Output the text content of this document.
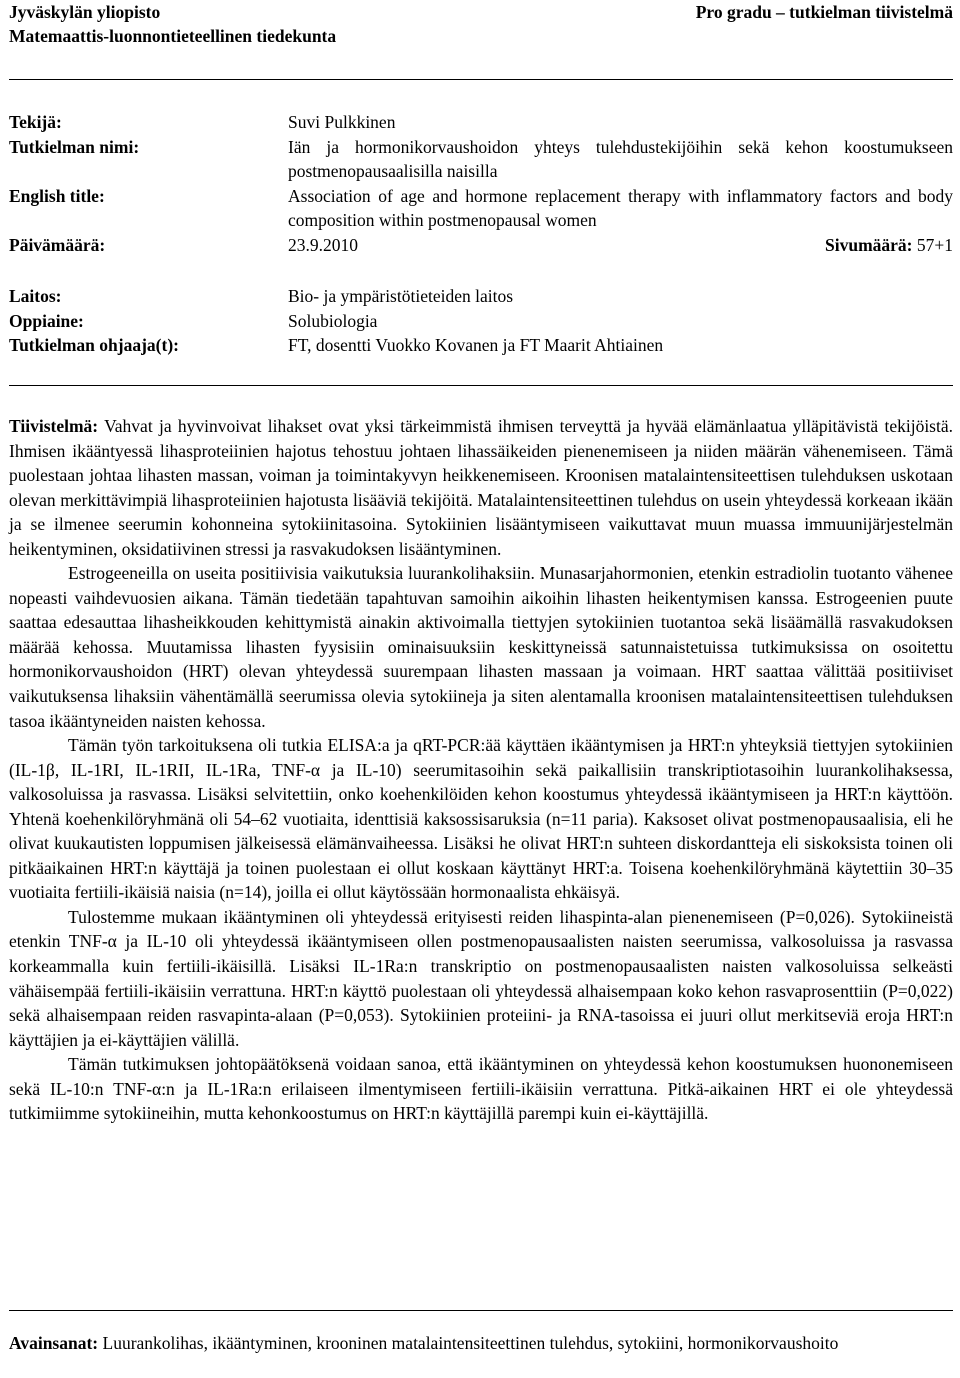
Jyväskylän yliopisto
Matemaattis-luonnontieteellinen tiedekunta
Pro gradu – tutkielman tiivistelmä
Tekijä:	Suvi Pulkkinen
Tutkielman nimi:	Iän ja hormonikorvaushoidon yhteys tulehdustekijöihin sekä kehon koostumukseen postmenopausaalisilla naisilla
English title:	Association of age and hormone replacement therapy with inflammatory factors and body composition within postmenopausal women
Päivämäärä:	23.9.2010	Sivumäärä: 57+1
Laitos:	Bio- ja ympäristötieteiden laitos
Oppiaine:	Solubiologia
Tutkielman ohjaaja(t):	FT, dosentti Vuokko Kovanen ja FT Maarit Ahtiainen

Tiivistelmä: Vahvat ja hyvinvoivat lihakset ovat yksi tärkeimmistä ihmisen terveyttä ja hyvää elämänlaatua ylläpitävistä tekijöistä. Ihmisen ikääntyessä lihasproteiinien hajotus tehostuu johtaen lihassäikeiden pienenemiseen ja niiden määrän vähenemiseen. Tämä puolestaan johtaa lihasten massan, voiman ja toimintakyvyn heikkenemiseen. Kroonisen matalaintensiteettisen tulehduksen uskotaan olevan merkittävimpiä lihasproteiinien hajotusta lisääviä tekijöitä. Matalaintensiteettinen tulehdus on usein yhteydessä korkeaan ikään ja se ilmenee seerumin kohonneina sytokiinitasoina. Sytokiinien lisääntymiseen vaikuttavat muun muassa immuunijärjestelmän heikentyminen, oksidatiivinen stressi ja rasvakudoksen lisääntyminen.

Estrogeeneilla on useita positiivisia vaikutuksia luurankolihaksiin. Munasarjahormonien, etenkin estradiolin tuotanto vähenee nopeasti vaihdevuosien aikana. Tämän tiedetään tapahtuvan samoihin aikoihin lihasten heikentymisen kanssa. Estrogeenien puute saattaa edesauttaa lihasheikkouden kehittymistä ainakin aktivoimalla tiettyjen sytokiinien tuotantoa sekä lisäämällä rasvakudoksen määrää kehossa. Muutamissa lihasten fyysisiin ominaisuuksiin keskittyneissä satunnaistetuissa tutkimuksissa on osoitettu hormonikorvaushoidon (HRT) olevan yhteydessä suurempaan lihasten massaan ja voimaan. HRT saattaa välittää positiiviset vaikutuksensa lihaksiin vähentämällä seerumissa olevia sytokiineja ja siten alentamalla kroonisen matalaintensiteettisen tulehduksen tasoa ikääntyneiden naisten kehossa.

Tämän työn tarkoituksena oli tutkia ELISA:a ja qRT-PCR:ää käyttäen ikääntymisen ja HRT:n yhteyksiä tiettyjen sytokiinien (IL-1β, IL-1RI, IL-1RII, IL-1Ra, TNF-α ja IL-10) seerumitasoihin sekä paikallisiin transkriptiotasoihin luurankolihaksessa, valkosoluissa ja rasvassa. Lisäksi selvitettiin, onko koehenkilöiden kehon koostumus yhteydessä ikääntymiseen ja HRT:n käyttöön. Yhtenä koehenkilöryhmänä oli 54–62 vuotiaita, identtisiä kaksossisaruksia (n=11 paria). Kaksoset olivat postmenopausaalisia, eli he olivat kuukautisten loppumisen jälkeisessä elämänvaiheessa. Lisäksi he olivat HRT:n suhteen diskordantteja eli siskoksista toinen oli pitkäaikainen HRT:n käyttäjä ja toinen puolestaan ei ollut koskaan käyttänyt HRT:a. Toisena koehenkilöryhmänä käytettiin 30–35 vuotiaita fertiili-ikäisiä naisia (n=14), joilla ei ollut käytössään hormonaalista ehkäisyä.

Tulostemme mukaan ikääntyminen oli yhteydessä erityisesti reiden lihaspinta-alan pienenemiseen (P=0,026). Sytokiineistä etenkin TNF-α ja IL-10 oli yhteydessä ikääntymiseen ollen postmenopausaalisten naisten seerumissa, valkosoluissa ja rasvassa korkeammalla kuin fertiili-ikäisillä. Lisäksi IL-1Ra:n transkriptio on postmenopausaalisten naisten valkosoluissa selkeästi vähäisempää fertiili-ikäisiin verrattuna. HRT:n käyttö puolestaan oli yhteydessä alhaisempaan koko kehon rasvaprosenttiin (P=0,022) sekä alhaisempaan reiden rasvapinta-alaan (P=0,053). Sytokiinien proteiini- ja RNA-tasoissa ei juuri ollut merkitseviä eroja HRT:n käyttäjien ja ei-käyttäjien välillä.

Tämän tutkimuksen johtopäätöksenä voidaan sanoa, että ikääntyminen on yhteydessä kehon koostumuksen huononemiseen sekä IL-10:n TNF-α:n ja IL-1Ra:n erilaiseen ilmentymiseen fertiili-ikäisiin verrattuna. Pitkä-aikainen HRT ei ole yhteydessä tutkimiimme sytokiineihin, mutta kehonkoostumus on HRT:n käyttäjillä parempi kuin ei-käyttäjillä.

Avainsanat: Luurankolihas, ikääntyminen, krooninen matalaintensiteettinen tulehdus, sytokiini, hormonikorvaushoito
